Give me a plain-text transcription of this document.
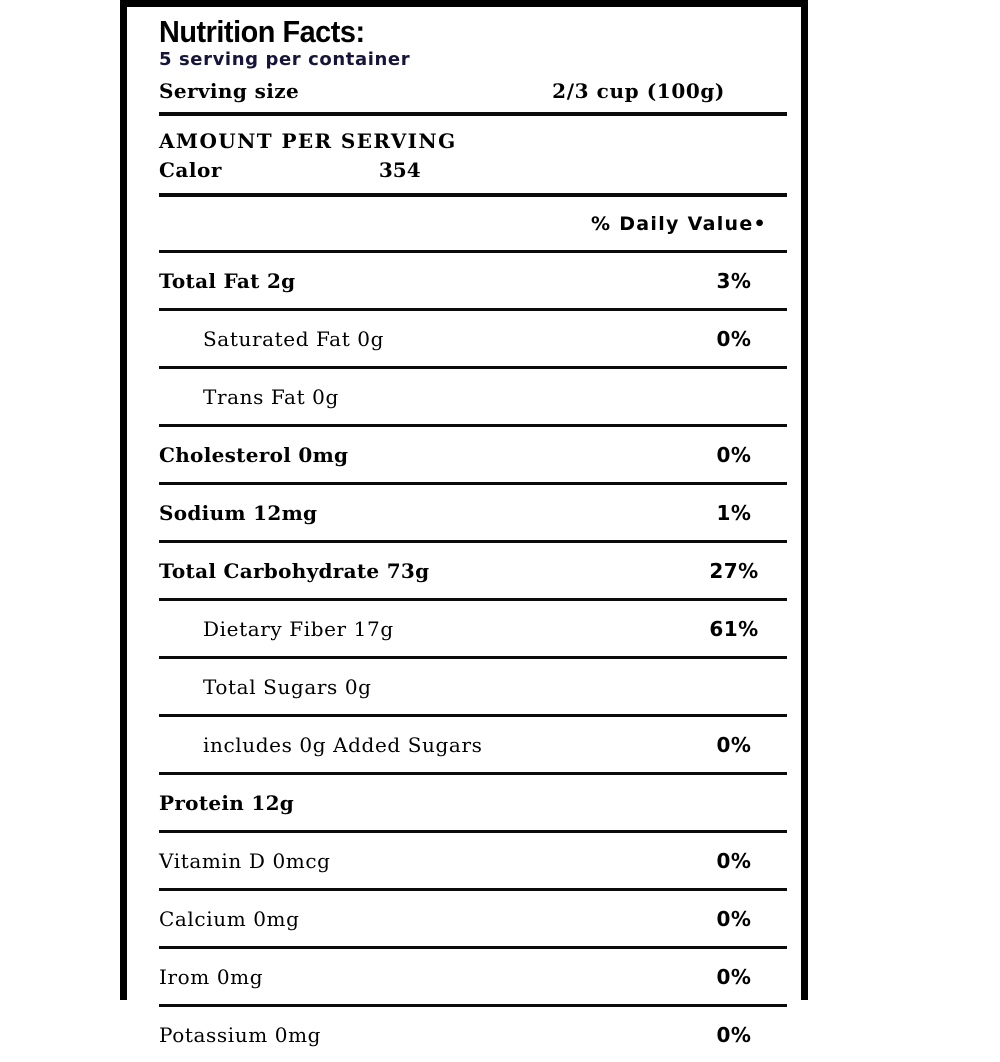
Nutrition Facts:
5 serving per container
Serving size	2/3 cup (100g)
AMOUNT PER SERVING
Calor	354
% Daily Value•
Total Fat 2g	3%
Saturated Fat 0g	0%
Trans Fat 0g
Cholesterol 0mg	0%
Sodium 12mg	1%
Total Carbohydrate 73g	27%
Dietary Fiber 17g	61%
Total Sugars 0g
includes 0g Added Sugars	0%
Protein 12g
Vitamin D 0mcg	0%
Calcium 0mg	0%
Irom 0mg	0%
Potassium 0mg	0%
